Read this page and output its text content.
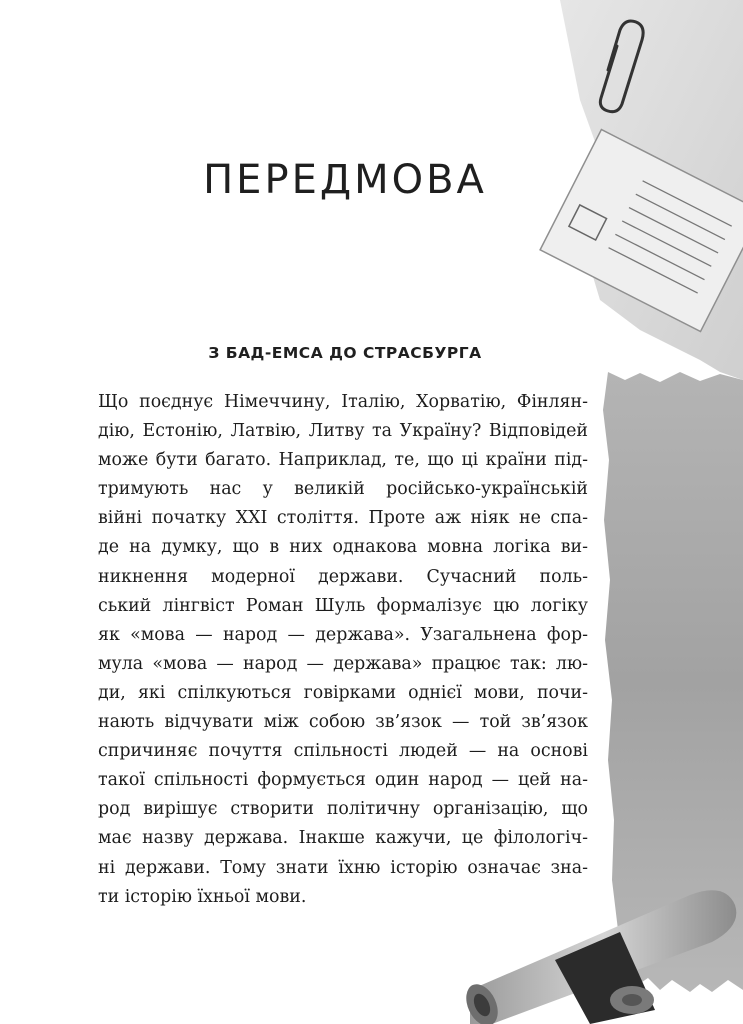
ПЕРЕДМОВА
З БАД-ЕМСА ДО СТРАСБУРГА
Що поєднує Німеччину, Італію, Хорватію, Фінлян-
дію, Естонію, Латвію, Литву та Україну? Відповідей
може бути багато. Наприклад, те, що ці країни під-
тримують нас у великій російсько-українській
війні початку XXI століття. Проте аж ніяк не спа-
де на думку, що в них однакова мовна логіка ви-
никнення модерної держави. Сучасний поль-
ський лінгвіст Роман Шуль формалізує цю логіку
як «мова — народ — держава». Узагальнена фор-
мула «мова — народ — держава» працює так: лю-
ди, які спілкуються говірками однієї мови, почи-
нають відчувати між собою зв’язок — той зв’язок
спричиняє почуття спільності людей — на основі
такої спільності формується один народ — цей на-
род вирішує створити політичну організацію, що
має назву держава. Інакше кажучи, це філологіч-
ні держави. Тому знати їхню історію означає зна-
ти історію їхньої мови.
